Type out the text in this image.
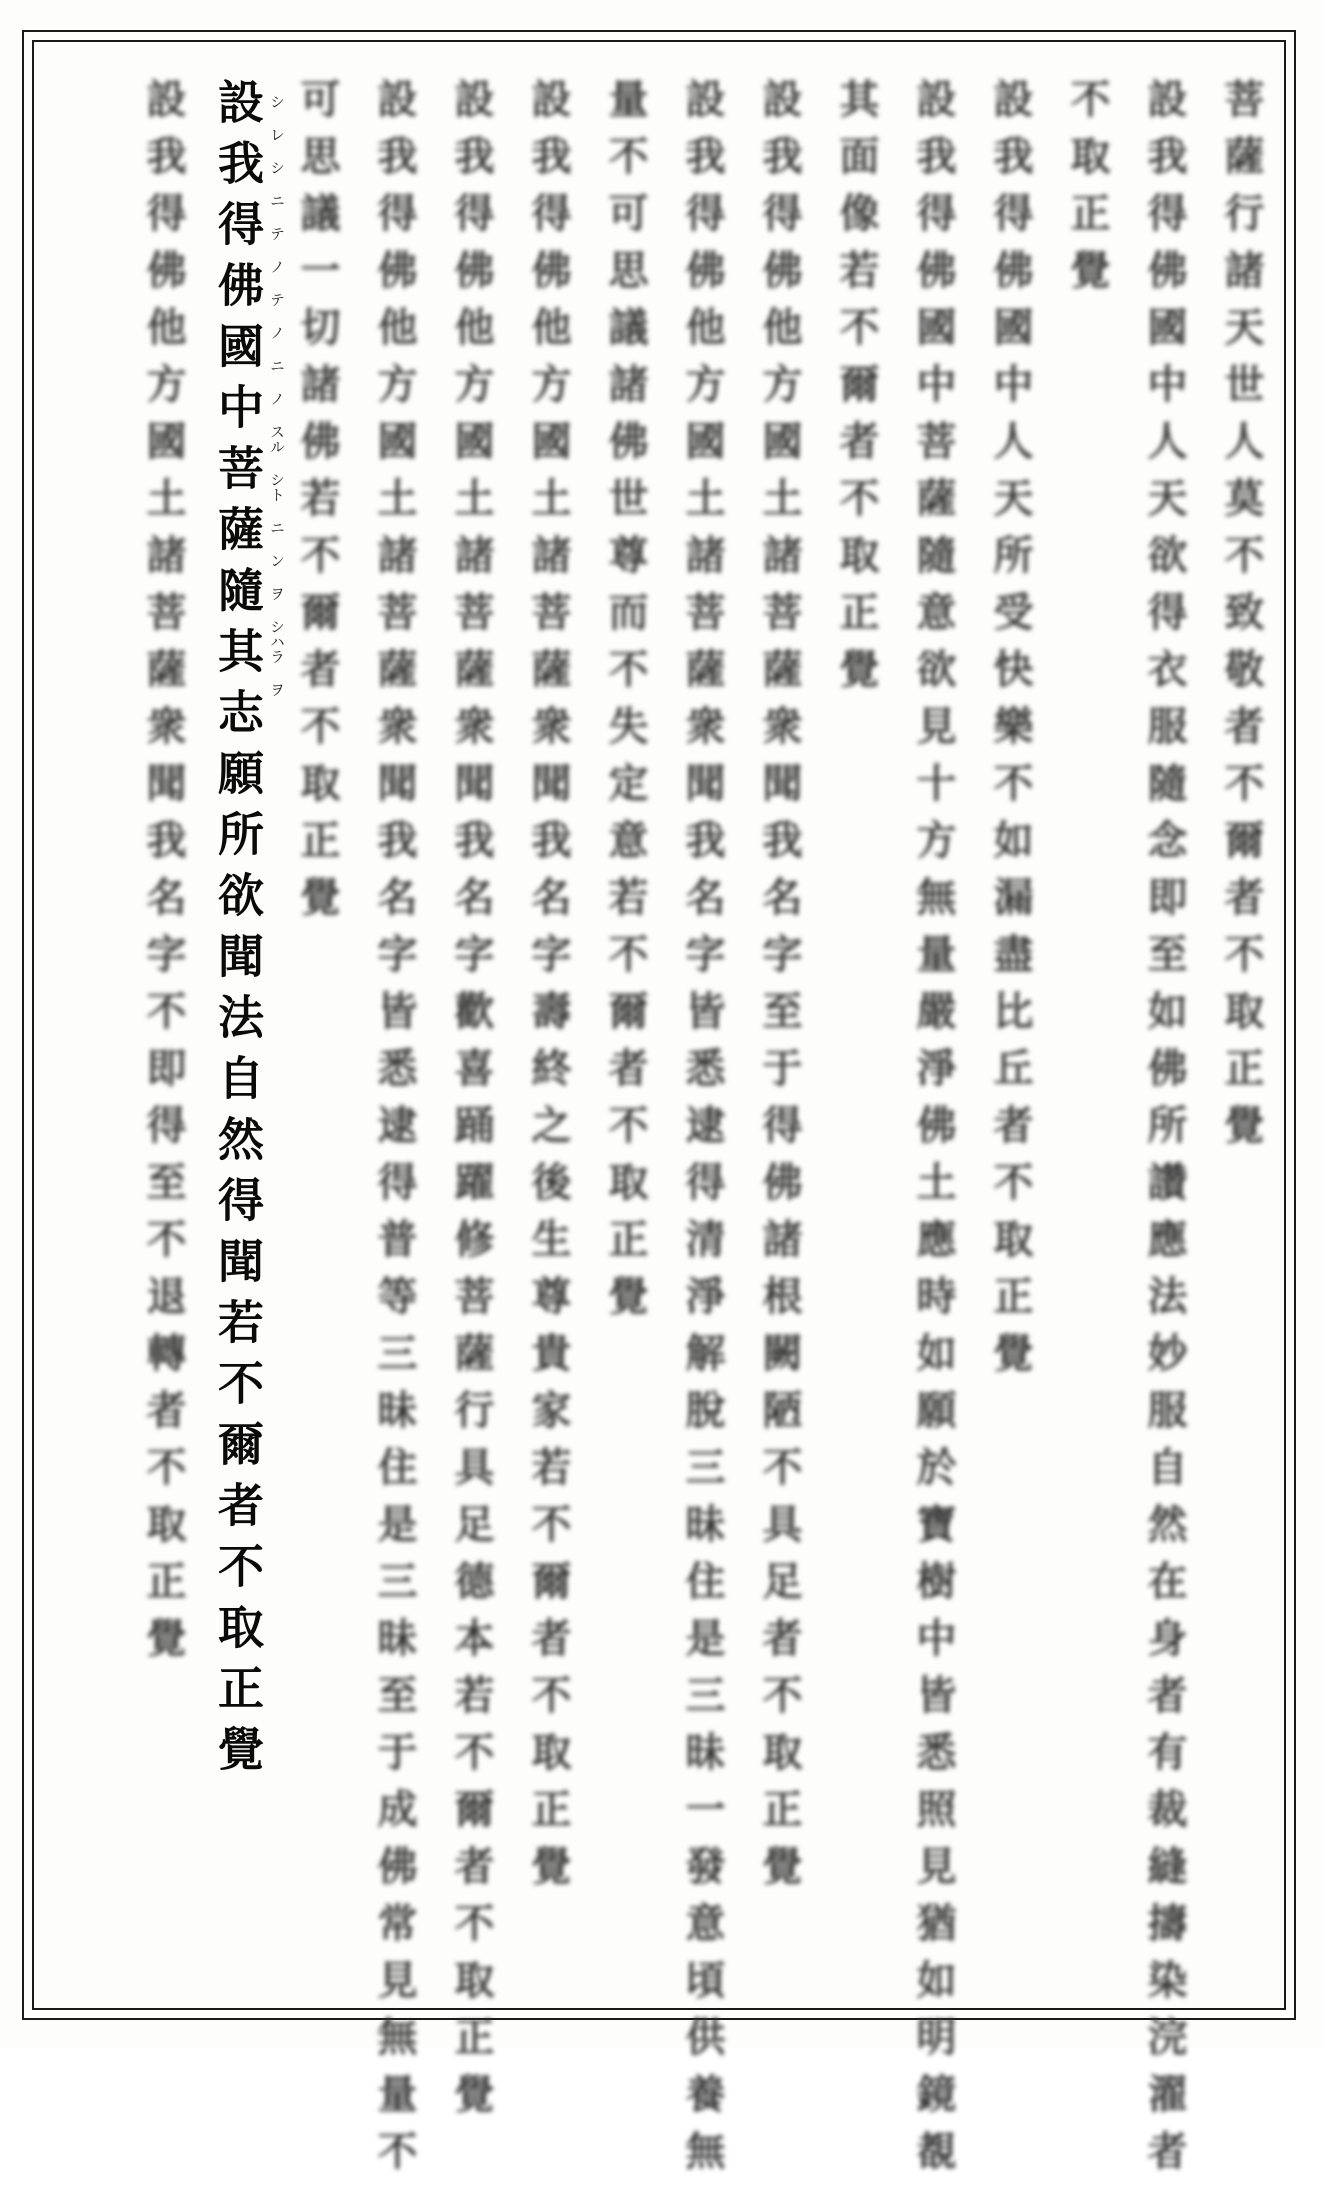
菩薩行諸天世人莫不致敬者不爾者不取正覺
設我得佛國中人天欲得衣服隨念即至如佛所讚應法妙服自然在身者有裁縫擣染浣濯者
不取正覺
設我得佛國中人天所受快樂不如漏盡比丘者不取正覺
設我得佛國中菩薩隨意欲見十方無量嚴淨佛土應時如願於寶樹中皆悉照見猶如明鏡覩
其面像若不爾者不取正覺
設我得佛他方國土諸菩薩衆聞我名字至于得佛諸根闕陋不具足者不取正覺
設我得佛他方國土諸菩薩衆聞我名字皆悉逮得清淨解脫三昧住是三昧一發意頃供養無
量不可思議諸佛世尊而不失定意若不爾者不取正覺
設我得佛他方國土諸菩薩衆聞我名字壽終之後生尊貴家若不爾者不取正覺
設我得佛他方國土諸菩薩衆聞我名字歡喜踊躍修菩薩行具足德本若不爾者不取正覺
設我得佛他方國土諸菩薩衆聞我名字皆悉逮得普等三昧住是三昧至于成佛常見無量不
可思議一切諸佛若不爾者不取正覺
設我得佛國中菩薩隨其志願所欲聞法自然得聞若不爾者不取正覺 シ レ シ ニ テ ノ テ ノ ニ ノ スル シト ニ ン ヲ シハラ ヲ
設我得佛他方國土諸菩薩衆聞我名字不即得至不退轉者不取正覺
